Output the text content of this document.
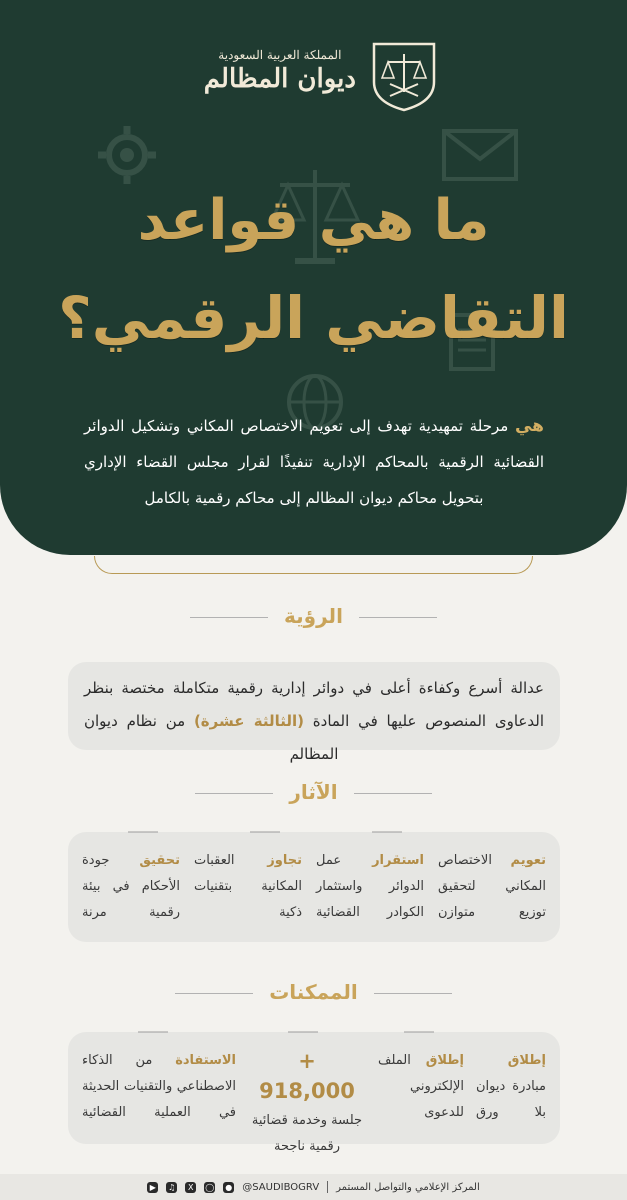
المملكة العربية السعودية
ديوان المظالم
ما هي قواعد
التقاضي الرقمي؟
هي مرحلة تمهيدية تهدف إلى تعويم الاختصاص المكاني وتشكيل الدوائر القضائية الرقمية بالمحاكم الإدارية تنفيذًا لقرار مجلس القضاء الإداري بتحويل محاكم ديوان المظالم إلى محاكم رقمية بالكامل
الرؤية
عدالة أسرع وكفاءة أعلى في دوائر إدارية رقمية متكاملة مختصة بنظر الدعاوى المنصوص عليها في المادة (الثالثة عشرة) من نظام ديوان المظالم
الآثار
تعويم الاختصاص المكاني لتحقيق توزيع متوازن
استقرار عمل الدوائر واستثمار الكوادر القضائية
تجاوز العقبات المكانية بتقنيات ذكية
تحقيق جودة الأحكام في بيئة رقمية مرنة
الممكنات
إطلاق مبادرة ديوان بلا ورق
إطلاق الملف الإلكتروني للدعوى
+ 918,000
جلسة وخدمة قضائية رقمية ناجحة
الاستفادة من الذكاء الاصطناعي والتقنيات الحديثة في العملية القضائية
المركز الإعلامي والتواصل المستمر
@SAUDIBOGRV
●
◯
X
♫
▶
